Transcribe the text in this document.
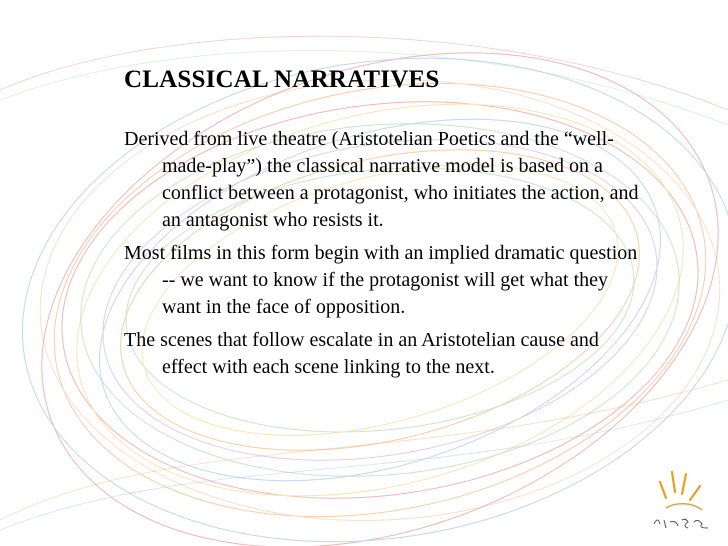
CLASSICAL NARRATIVES

Derived from live theatre (Aristotelian Poetics and the “well-made-play”) the classical narrative model is based on a conflict between a protagonist, who initiates the action, and an antagonist who resists it.

Most films in this form begin with an implied dramatic question -- we want to know if the protagonist will get what they want in the face of opposition.

The scenes that follow escalate in an Aristotelian cause and effect with each scene linking to the next.
